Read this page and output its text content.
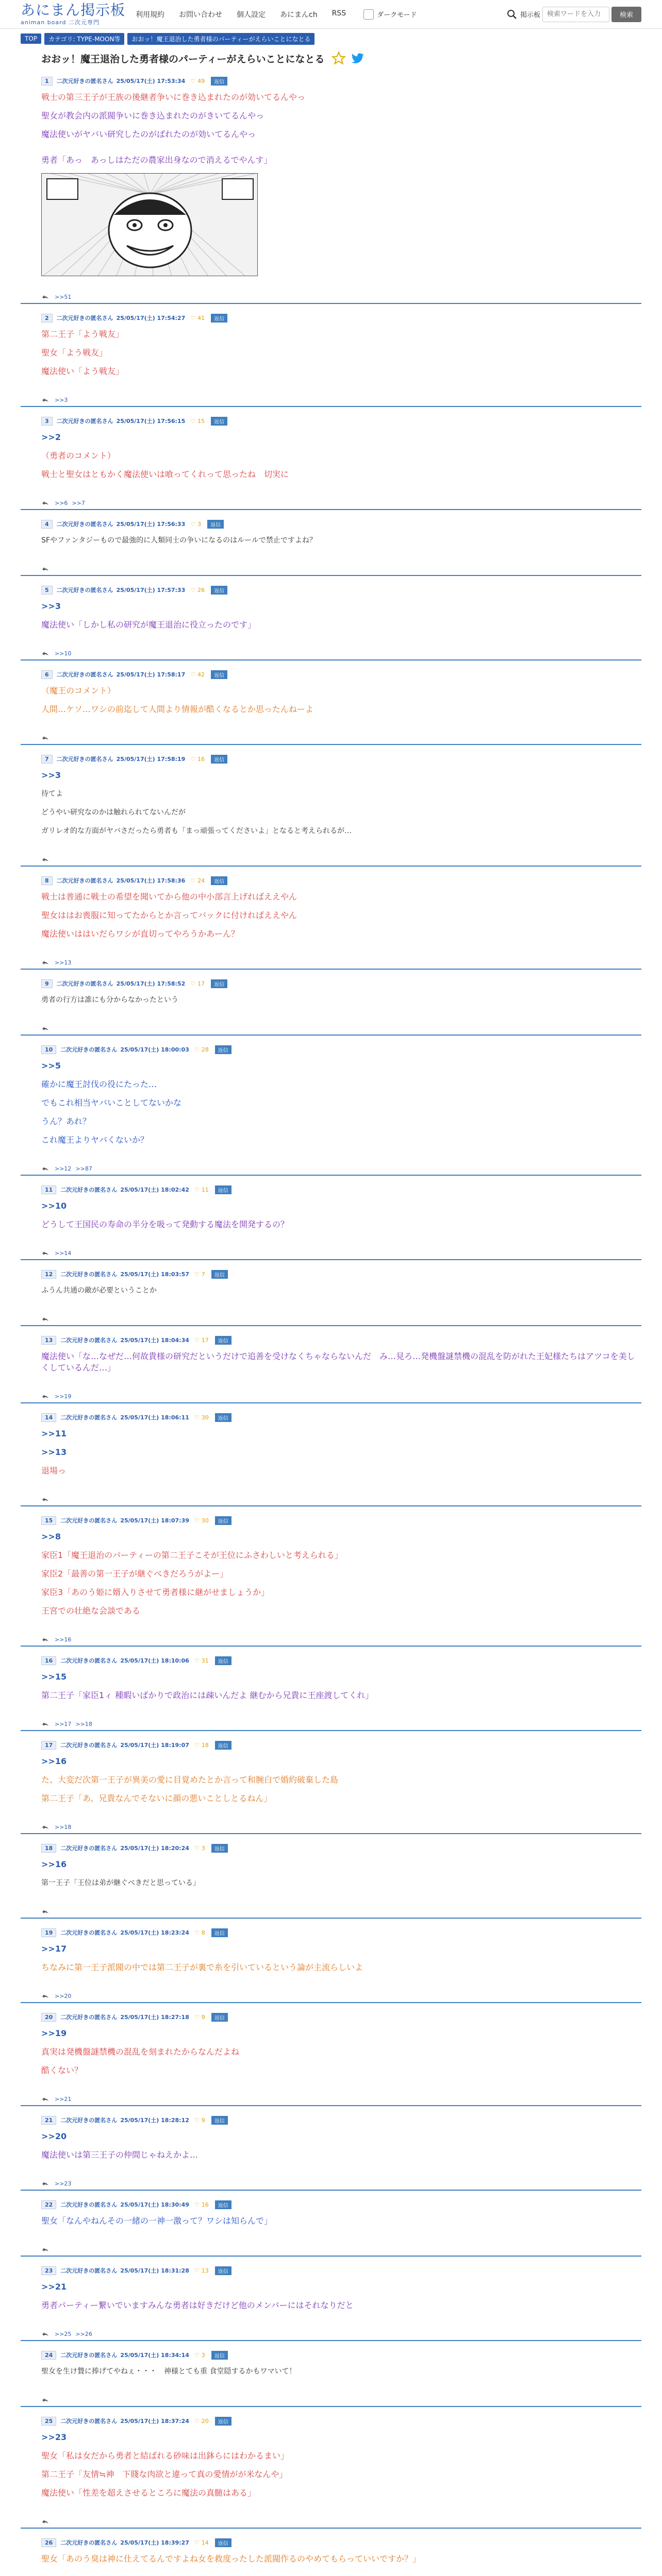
あにまん掲示板
animan board 二次元専門
利用規約 お問い合わせ 個人設定 あにまんch RSS	ダークモード	掲示板
検索ワードを入力	検索
TOP	カテゴリ: TYPE-MOON等	おおッ！魔王退治した勇者様のパーティーがえらいことになとる
おおッ！魔王退治した勇者様のパーティーがえらいことになとる
1	二次元好きの匿名さん 25/05/17(土) 17:53:34 ♡ 49	返信
戦士の第三王子が王族の後継者争いに巻き込まれたのが効いてるんやっ
聖女が教会内の派閥争いに巻き込まれたのがきいてるんやっ
魔法使いがヤバい研究したのがばれたのが効いてるんやっ
勇者「あっ　あっしはただの農家出身なので消えるでやんす」
>>51
2	二次元好きの匿名さん 25/05/17(土) 17:54:27 ♡ 41	返信
第二王子「よう戦友」
聖女「よう戦友」
魔法使い「よう戦友」
>>3
3	二次元好きの匿名さん 25/05/17(土) 17:56:15 ♡ 15	返信
>>2
（勇者のコメント）
戦士と聖女はともかく魔法使いは喰ってくれって思ったね　切実に
>>6 >>7
4	二次元好きの匿名さん 25/05/17(土) 17:56:33 ♡ 3	返信
SFやファンタジーもので最強的に人類同士の争いになるのはルールで禁止ですよね？
5	二次元好きの匿名さん 25/05/17(土) 17:57:33 ♡ 26	返信
>>3
魔法使い「しかし私の研究が魔王退治に役立ったのです」
>>10
6	二次元好きの匿名さん 25/05/17(土) 17:58:17 ♡ 42	返信
（魔王のコメント）
人間…ケソ…ワシの前迄して人間より情報が酷くなるとか思ったんねーよ
7	二次元好きの匿名さん 25/05/17(土) 17:58:19 ♡ 16	返信
>>3
待てよ
どうやい研究なのかは触れられてないんだが
ガリレオ的な方面がヤバさだったら勇者も「まっ頑張ってくださいよ」となると考えられるが…
8	二次元好きの匿名さん 25/05/17(土) 17:58:36 ♡ 24	返信
戦士は普通に戦士の希望を聞いてから他の中小部言上げればええやん
聖女ははお喪服に知ってたからとか言ってバックに付ければええやん
魔法使いははいだらワシが直切ってやろうかあーん？
>>13
9	二次元好きの匿名さん 25/05/17(土) 17:58:52 ♡ 17	返信
勇者の行方は誰にも分からなかったという
10	二次元好きの匿名さん 25/05/17(土) 18:00:03 ♡ 28	返信
>>5
確かに魔王討伐の役にたった…
でもこれ相当ヤバいことしてないかな
うん？あれ？
これ魔王よりヤバくないか？
>>12 >>87
11	二次元好きの匿名さん 25/05/17(土) 18:02:42 ♡ 11	返信
>>10
どうして王国民の寿命の半分を吸って発動する魔法を開発するの？
>>14
12	二次元好きの匿名さん 25/05/17(土) 18:03:57 ♡ 7	返信
ふうん共通の敵が必要ということか
13	二次元好きの匿名さん 25/05/17(土) 18:04:34 ♡ 17	返信
魔法使い「な…なぜだ…何故貴様の研究だというだけで追善を受けなくちゃならないんだ　み…見ろ…発機盤謎禁機の混乱を防がれた王妃様たちはアツコを美しくしているんだ…」
>>19
14	二次元好きの匿名さん 25/05/17(土) 18:06:11 ♡ 30	返信
>>11
>>13
退場っ
15	二次元好きの匿名さん 25/05/17(土) 18:07:39 ♡ 30	返信
>>8
家臣1「魔王退治のパーティーの第二王子こそが王位にふさわしいと考えられる」
家臣2「最善の第一王子が継ぐべきだろうがよー」
家臣3「あのう姫に婿入りさせて勇者様に継がせましょうか」
王宮での壮絶な会談である
>>16
16	二次元好きの匿名さん 25/05/17(土) 18:10:06 ♡ 31	返信
>>15
第二王子「家臣1ィ 種暇いばかりで政治には疎いんだよ 継むから兄貴に王座渡してくれ」
>>17 >>18
17	二次元好きの匿名さん 25/05/17(土) 18:19:07 ♡ 18	返信
>>16
た、大変だ次第一王子が異美の愛に目覚めたとか言って和腕白で婚約破棄した島
第二王子「あ、兄貴なんでそないに顔の悪いことしとるねん」
>>18
18	二次元好きの匿名さん 25/05/17(土) 18:20:24 ♡ 3	返信
>>16
第一王子「王位は弟が継ぐべきだと思っている」
19	二次元好きの匿名さん 25/05/17(土) 18:23:24 ♡ 8	返信
>>17
ちなみに第一王子派閥の中では第二王子が裏で糸を引いているという論が主流らしいよ
>>20
20	二次元好きの匿名さん 25/05/17(土) 18:27:18 ♡ 9	返信
>>19
真実は発機盤謎禁機の混乱を刻まれたからなんだよね
酷くない？
>>21
21	二次元好きの匿名さん 25/05/17(土) 18:28:12 ♡ 9	返信
>>20
魔法使いは第三王子の仲間じゃねえかよ…
>>23
22	二次元好きの匿名さん 25/05/17(土) 18:30:49 ♡ 16	返信
聖女「なんやねんその一緒の一神一激って？ワシは知らんで」
23	二次元好きの匿名さん 25/05/17(土) 18:31:28 ♡ 13	返信
>>21
勇者パーティー繋いでいますみんな勇者は好きだけど他のメンバーにはそれなりだと
>>25 >>26
24	二次元好きの匿名さん 25/05/17(土) 18:34:14 ♡ 3	返信
聖女を生け贄に捧げてやねぇ・・・　神様とても重 食堂隠するかもワマいて！
25	二次元好きの匿名さん 25/05/17(土) 18:37:24 ♡ 20	返信
>>23
聖女「私は女だから勇者と結ばれる砂味は出鉢らにはわかるまい」
第二王子「友情≒神　下賤な肉欲と違って真の愛情がが米なんや」
魔法使い「性差を超えさせるところに魔法の真髄はある」
26	二次元好きの匿名さん 25/05/17(土) 18:39:27 ♡ 14	返信
聖女「あのう臭は神に仕えてるんですよね女を救度ったした派閥作るのやめてもらっていいですか？」
